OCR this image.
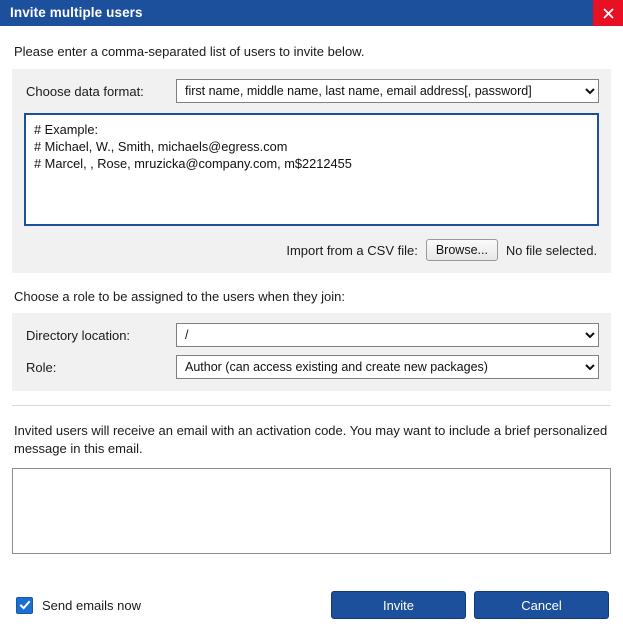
Invite multiple users
Please enter a comma-separated list of users to invite below.
Choose data format:
first name, middle name, last name, email address[, password]
# Example: # Michael, W., Smith, michaels@egress.com # Marcel, , Rose, mruzicka@company.com, m$2212455
Import from a CSV file:	Browse...	No file selected.
Choose a role to be assigned to the users when they join:
Directory location:
/
Role:
Author (can access existing and create new packages)
Invited users will receive an email with an activation code. You may want to include a brief personalized message in this email.
Send emails now	Invite	Cancel
